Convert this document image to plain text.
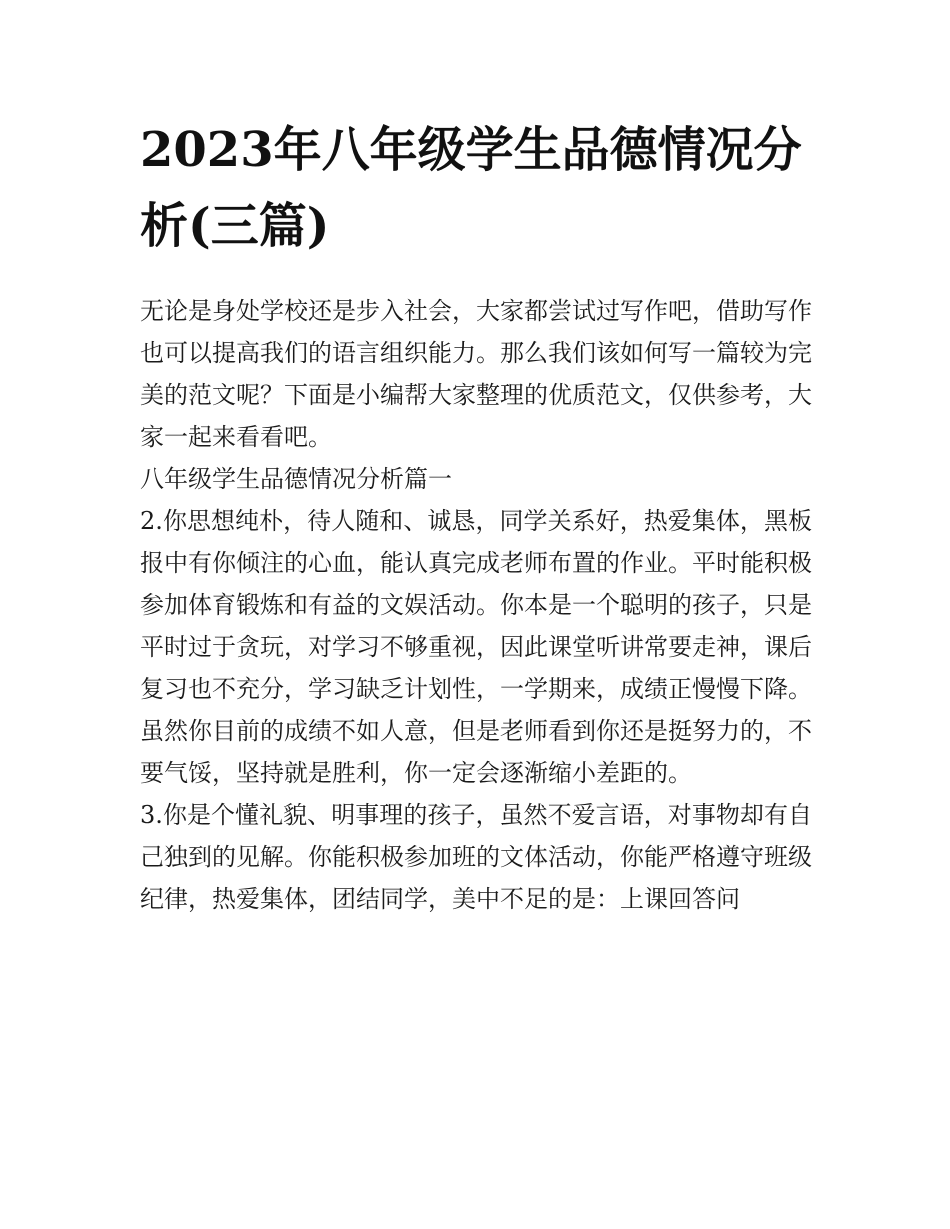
2023年八年级学生品德情况分析(三篇)

无论是身处学校还是步入社会，大家都尝试过写作吧，借助写作也可以提高我们的语言组织能力。那么我们该如何写一篇较为完美的范文呢？下面是小编帮大家整理的优质范文，仅供参考，大家一起来看看吧。

八年级学生品德情况分析篇一

2.你思想纯朴，待人随和、诚恳，同学关系好，热爱集体，黑板报中有你倾注的心血，能认真完成老师布置的作业。平时能积极参加体育锻炼和有益的文娱活动。你本是一个聪明的孩子，只是平时过于贪玩，对学习不够重视，因此课堂听讲常要走神，课后复习也不充分，学习缺乏计划性，一学期来，成绩正慢慢下降。虽然你目前的成绩不如人意，但是老师看到你还是挺努力的，不要气馁，坚持就是胜利，你一定会逐渐缩小差距的。

3.你是个懂礼貌、明事理的孩子，虽然不爱言语，对事物却有自己独到的见解。你能积极参加班的文体活动，你能严格遵守班级纪律，热爱集体，团结同学，美中不足的是：上课回答问
